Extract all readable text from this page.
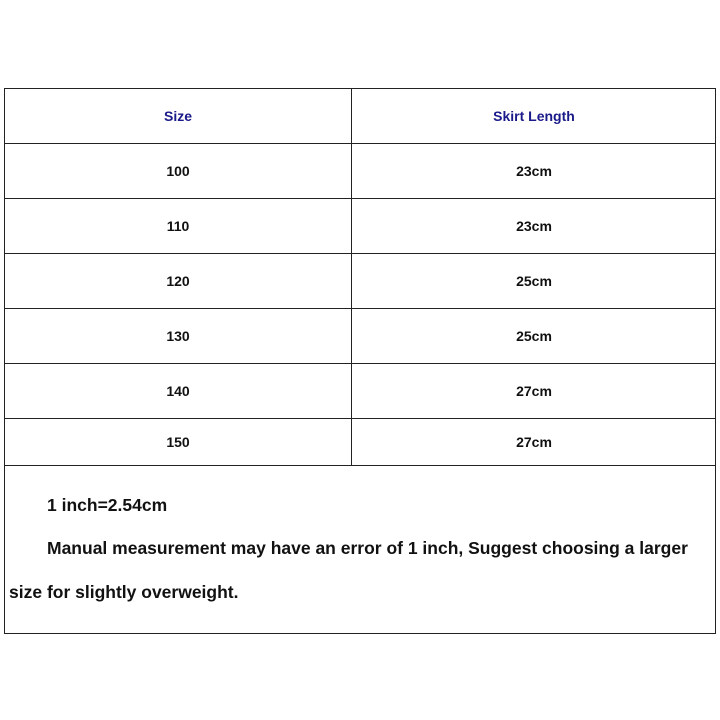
Size	Skirt Length
100	23cm
110	23cm
120	25cm
130	25cm
140	27cm
150	27cm
1 inch=2.54cm
Manual measurement may have an error of 1 inch, Suggest choosing a larger
size for slightly overweight.
